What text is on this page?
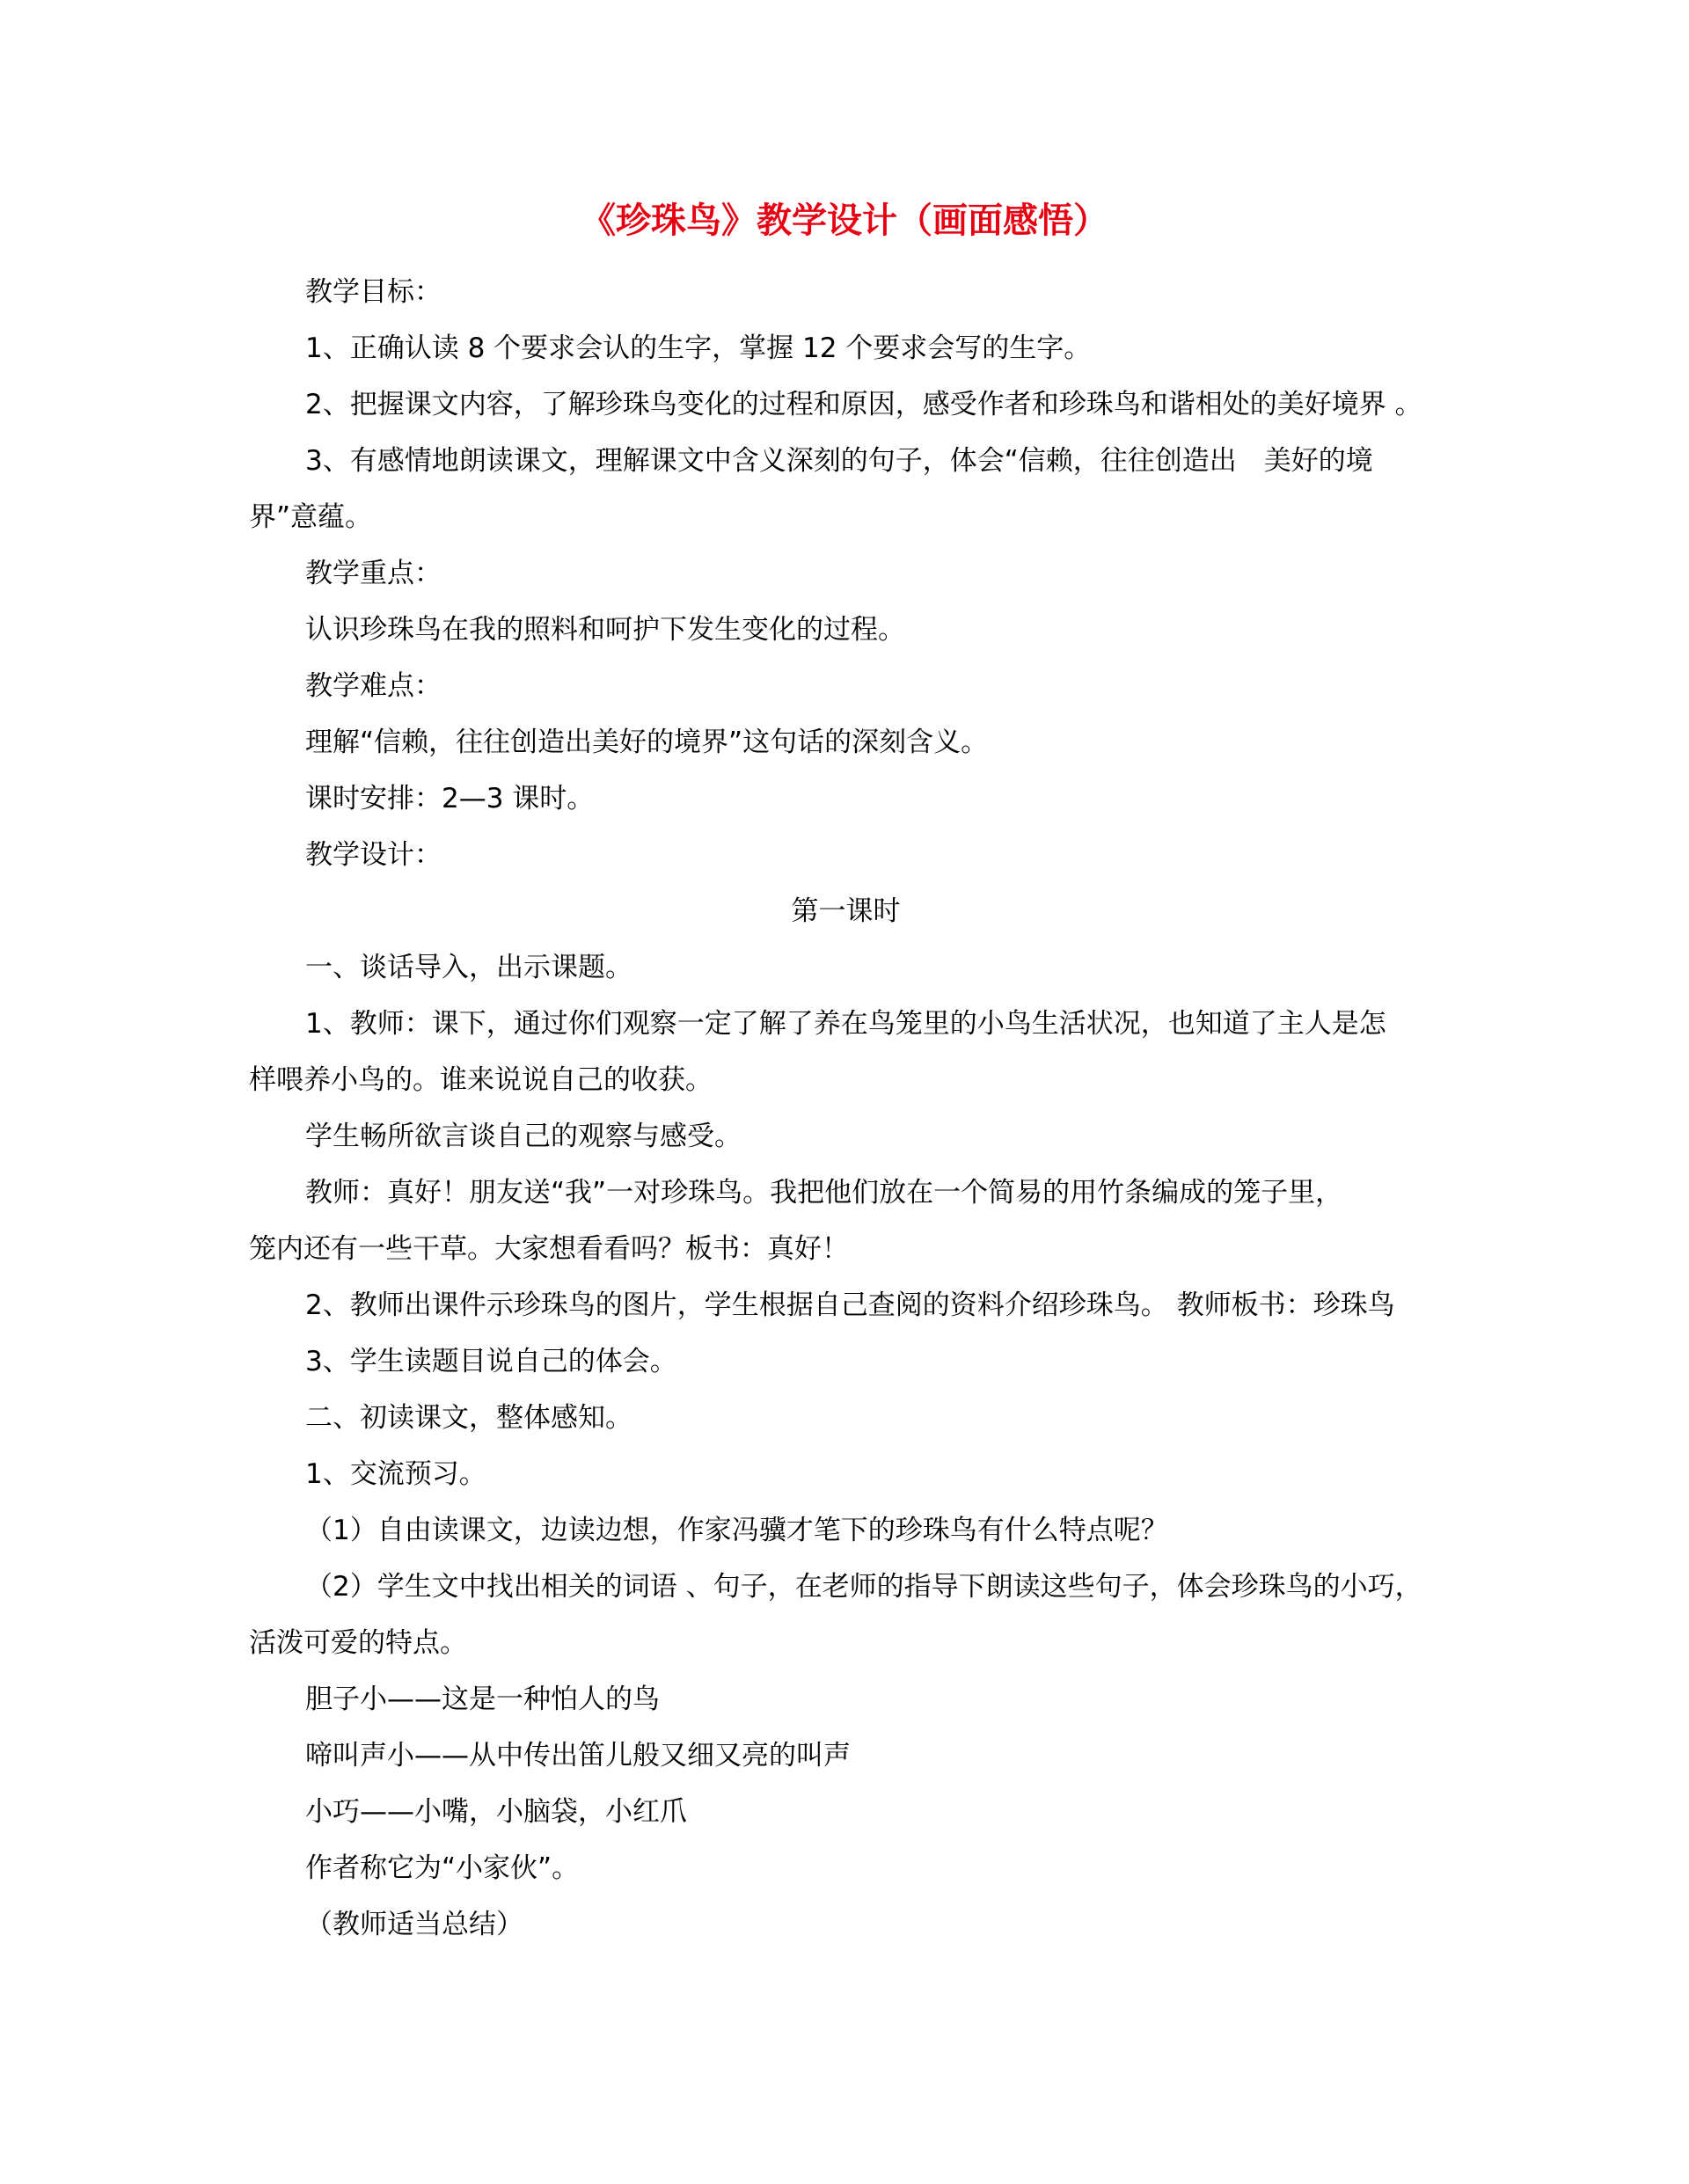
《珍珠鸟》教学设计（画面感悟）

教学目标：

1、正确认读 8 个要求会认的生字，掌握 12 个要求会写的生字。

2、把握课文内容，了解珍珠鸟变化的过程和原因，感受作者和珍珠鸟和谐相处的美好境界 。

3、有感情地朗读课文，理解课文中含义深刻的句子，体会“信赖，往往创造出　美好的境

界”意蕴。

教学重点：

认识珍珠鸟在我的照料和呵护下发生变化的过程。

教学难点：

理解“信赖，往往创造出美好的境界”这句话的深刻含义。

课时安排：2—3 课时。

教学设计：

第一课时

一、谈话导入，出示课题。

1、教师：课下，通过你们观察一定了解了养在鸟笼里的小鸟生活状况，也知道了主人是怎

样喂养小鸟的。谁来说说自己的收获。

学生畅所欲言谈自己的观察与感受。

教师：真好！朋友送“我”一对珍珠鸟。我把他们放在一个简易的用竹条编成的笼子里，

笼内还有一些干草。大家想看看吗？板书：真好！

2、教师出课件示珍珠鸟的图片，学生根据自己查阅的资料介绍珍珠鸟。 教师板书：珍珠鸟

3、学生读题目说自己的体会。

二、初读课文，整体感知。

1、交流预习。

（1）自由读课文，边读边想，作家冯骥才笔下的珍珠鸟有什么特点呢？

（2）学生文中找出相关的词语 、句子，在老师的指导下朗读这些句子，体会珍珠鸟的小巧，

活泼可爱的特点。

胆子小——这是一种怕人的鸟

啼叫声小——从中传出笛儿般又细又亮的叫声

小巧——小嘴，小脑袋，小红爪

作者称它为“小家伙”。

（教师适当总结）
